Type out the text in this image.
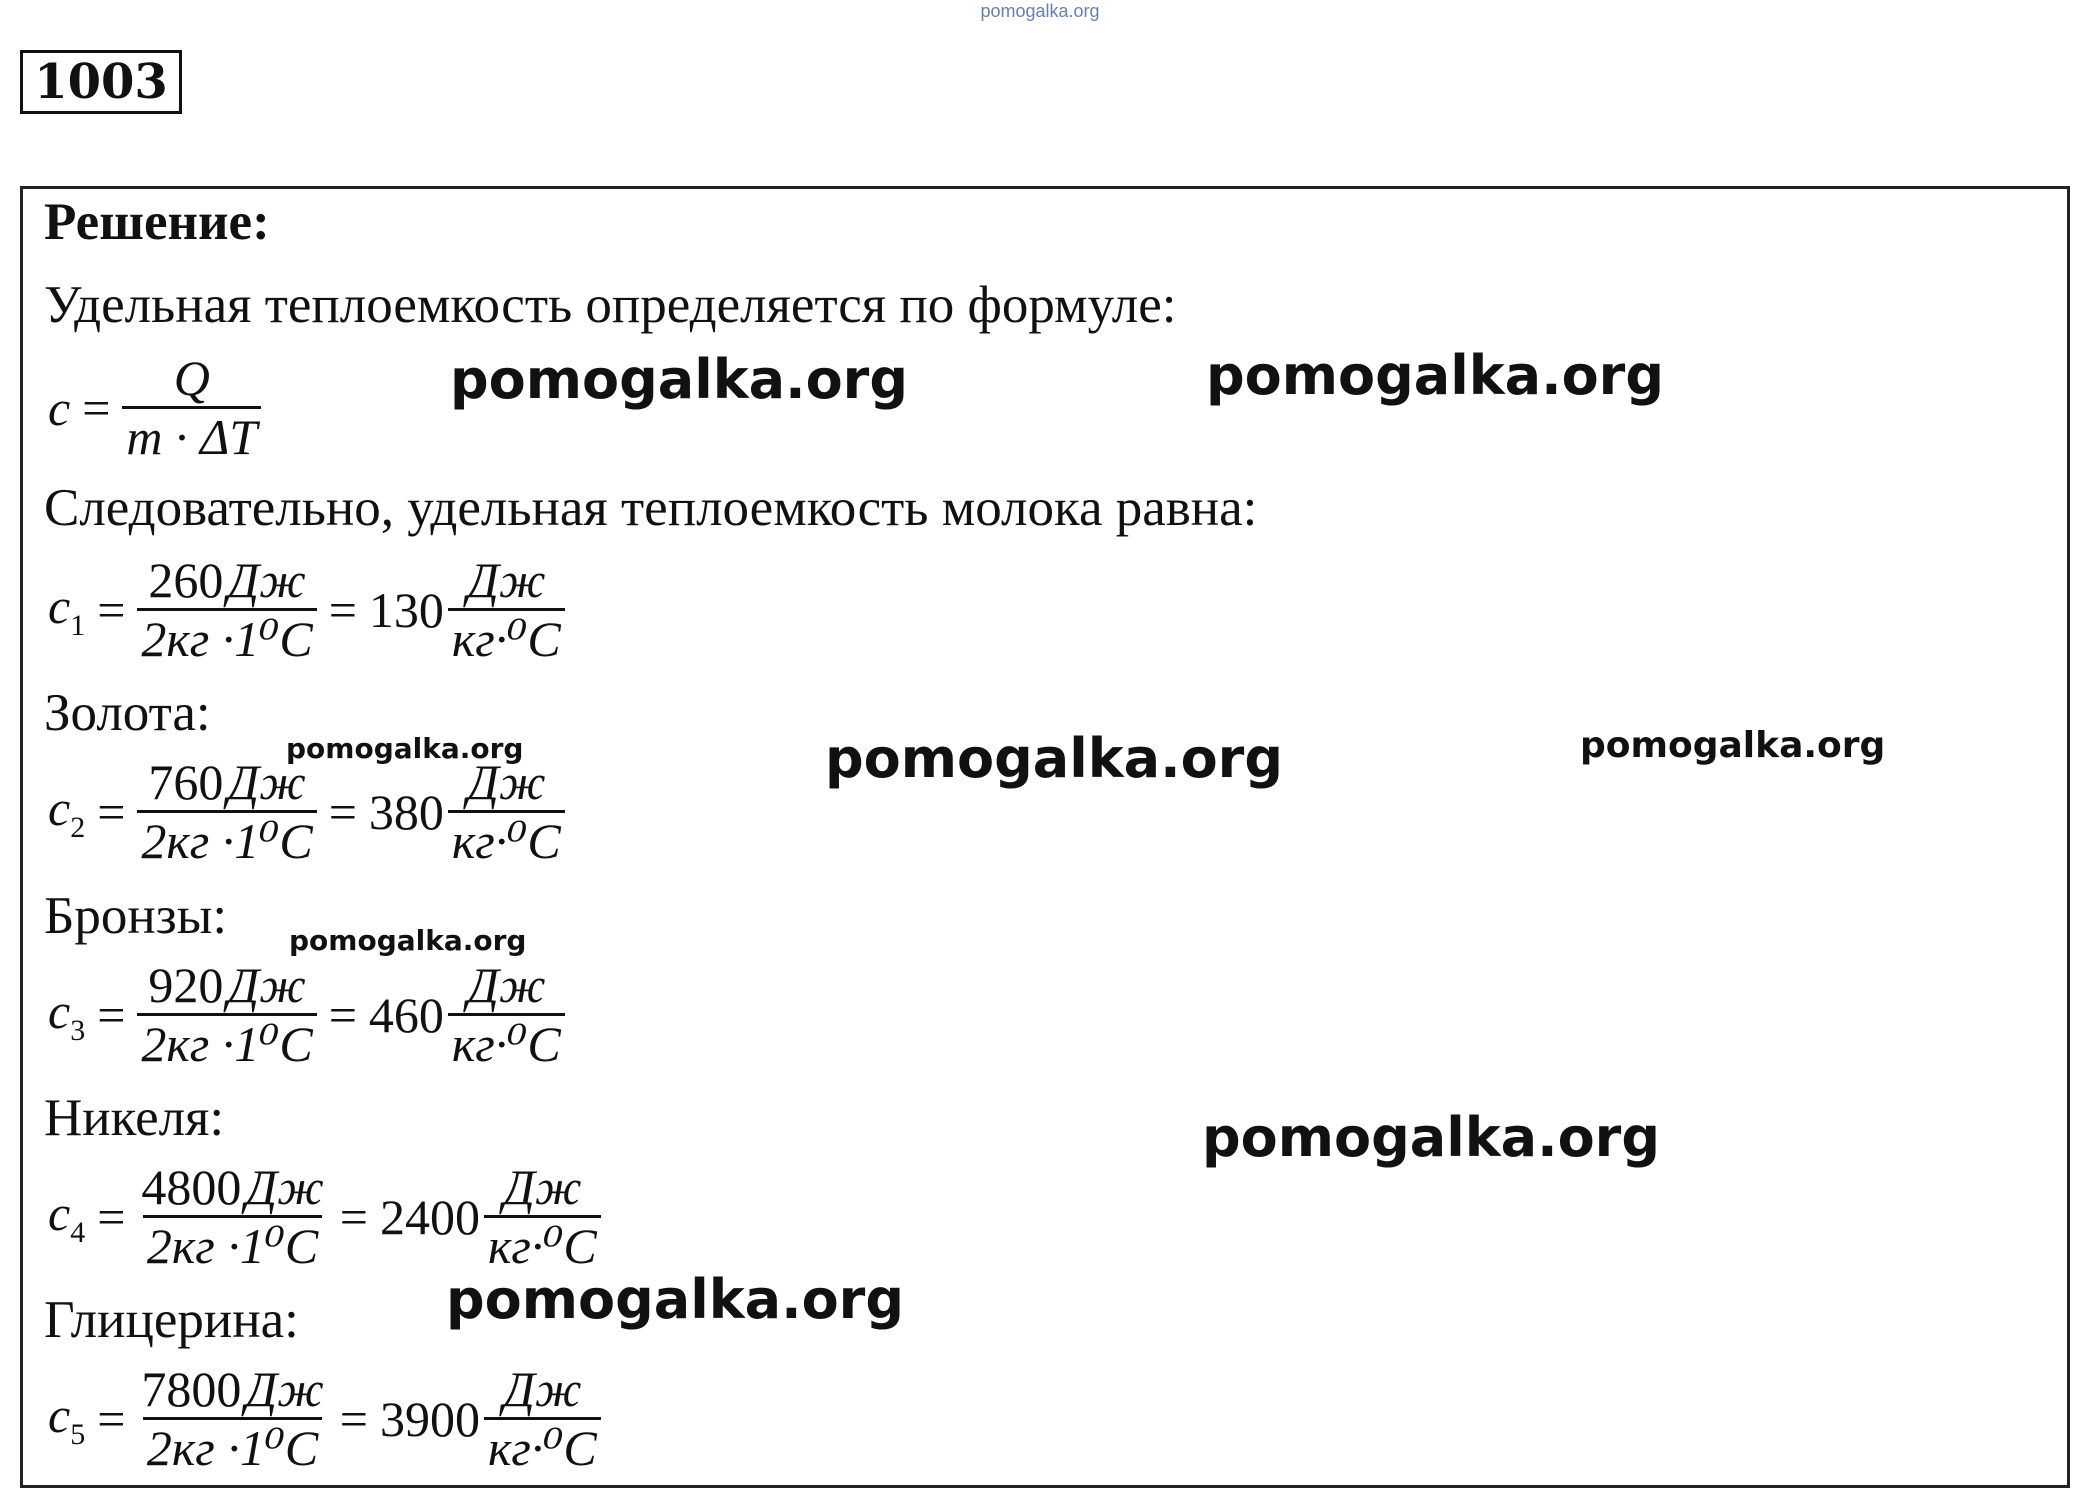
pomogalka.org
1003
Решение:
Удельная теплоемкость определяется по формуле:
$c = \frac{Q}{m \cdot \Delta T}$
Следовательно, удельная теплоемкость молока равна:
$c_1 = \frac{260Дж}{\text{2кг ·1⁰C}} = 130 \frac{Дж}{\text{кг·⁰C}}$
Золота:
$c_2 = \frac{760Дж}{\text{2кг ·1⁰C}} = 380 \frac{Дж}{\text{кг·⁰C}}$
Бронзы:
$c_3 = \frac{920Дж}{\text{2кг ·1⁰C}} = 460 \frac{Дж}{\text{кг·⁰C}}$
Никеля:
$c_4 = \frac{4800Дж}{\text{2кг ·1⁰C}} = 2400 \frac{Дж}{\text{кг·⁰C}}$
Глицерина:
$c_5 = \frac{7800Дж}{\text{2кг ·1⁰C}} = 3900 \frac{Дж}{\text{кг·⁰C}}$
pomogalka.org	pomogalka.org
pomogalka.org	pomogalka.org	pomogalka.org
pomogalka.org
pomogalka.org
pomogalka.org
